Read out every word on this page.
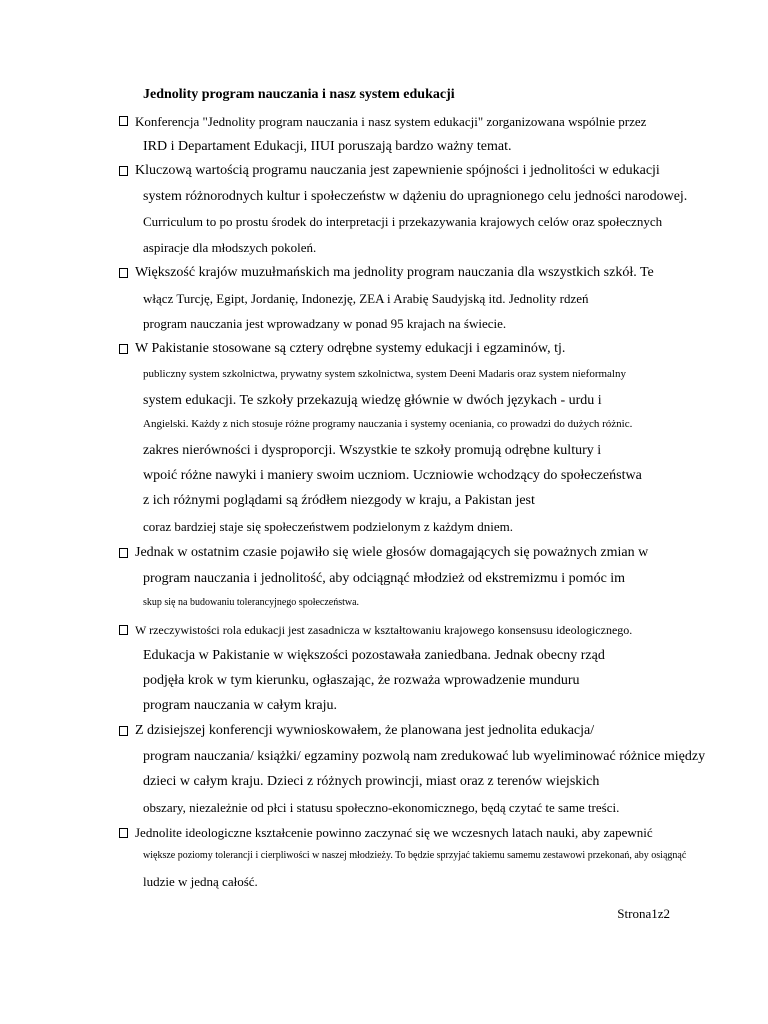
Jednolity program nauczania i nasz system edukacji
Konferencja "Jednolity program nauczania i nasz system edukacji" zorganizowana wspólnie przez
IRD i Departament Edukacji, IIUI poruszają bardzo ważny temat.
Kluczową wartością programu nauczania jest zapewnienie spójności i jednolitości w edukacji
system różnorodnych kultur i społeczeństw w dążeniu do upragnionego celu jedności narodowej.
Curriculum to po prostu środek do interpretacji i przekazywania krajowych celów oraz społecznych
aspiracje dla młodszych pokoleń.
Większość krajów muzułmańskich ma jednolity program nauczania dla wszystkich szkół. Te
włącz Turcję, Egipt, Jordanię, Indonezję, ZEA i Arabię Saudyjską itd. Jednolity rdzeń
program nauczania jest wprowadzany w ponad 95 krajach na świecie.
W Pakistanie stosowane są cztery odrębne systemy edukacji i egzaminów, tj.
publiczny system szkolnictwa, prywatny system szkolnictwa, system Deeni Madaris oraz system nieformalny
system edukacji. Te szkoły przekazują wiedzę głównie w dwóch językach - urdu i
Angielski. Każdy z nich stosuje różne programy nauczania i systemy oceniania, co prowadzi do dużych różnic.
zakres nierówności i dysproporcji. Wszystkie te szkoły promują odrębne kultury i
wpoić różne nawyki i maniery swoim uczniom. Uczniowie wchodzący do społeczeństwa
z ich różnymi poglądami są źródłem niezgody w kraju, a Pakistan jest
coraz bardziej staje się społeczeństwem podzielonym z każdym dniem.
Jednak w ostatnim czasie pojawiło się wiele głosów domagających się poważnych zmian w
program nauczania i jednolitość, aby odciągnąć młodzież od ekstremizmu i pomóc im
skup się na budowaniu tolerancyjnego społeczeństwa.
W rzeczywistości rola edukacji jest zasadnicza w kształtowaniu krajowego konsensusu ideologicznego.
Edukacja w Pakistanie w większości pozostawała zaniedbana. Jednak obecny rząd
podjęła krok w tym kierunku, ogłaszając, że rozważa wprowadzenie munduru
program nauczania w całym kraju.
Z dzisiejszej konferencji wywnioskowałem, że planowana jest jednolita edukacja/
program nauczania/ książki/ egzaminy pozwolą nam zredukować lub wyeliminować różnice między
dzieci w całym kraju. Dzieci z różnych prowincji, miast oraz z terenów wiejskich
obszary, niezależnie od płci i statusu społeczno-ekonomicznego, będą czytać te same treści.
Jednolite ideologiczne kształcenie powinno zaczynać się we wczesnych latach nauki, aby zapewnić
większe poziomy tolerancji i cierpliwości w naszej młodzieży. To będzie sprzyjać takiemu samemu zestawowi przekonań, aby osiągnąć
ludzie w jedną całość.
Strona1z2
